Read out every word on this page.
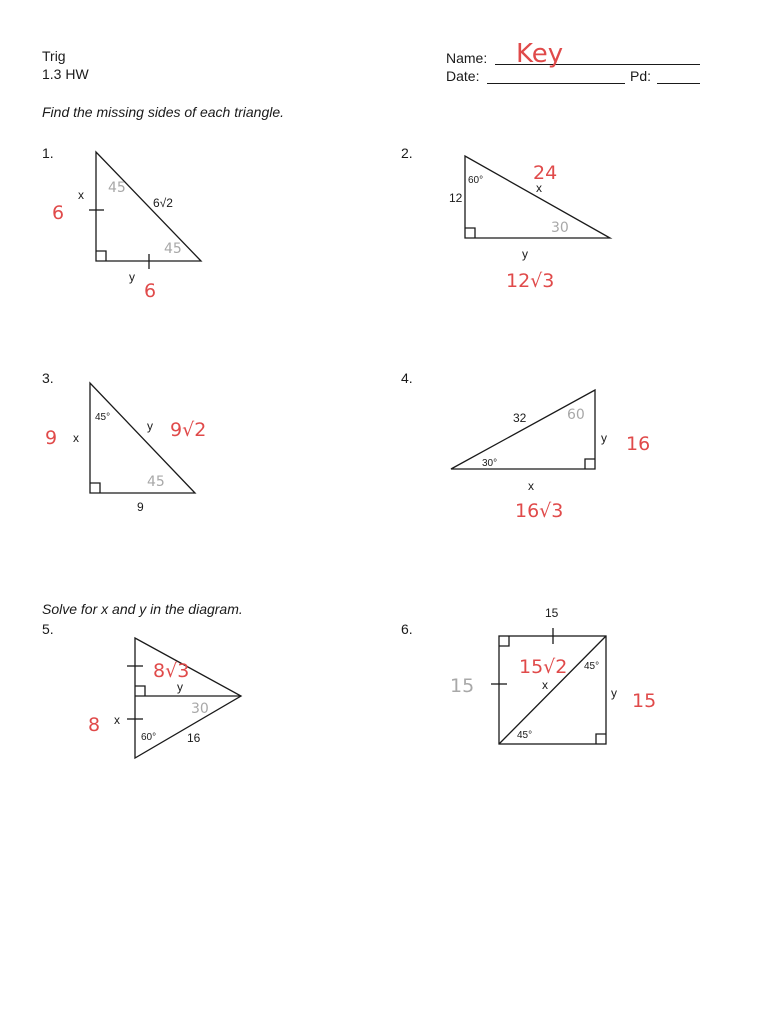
Trig
1.3 HW
Name: Key
Date:	Pd:
Find the missing sides of each triangle.
Solve for x and y in the diagram.
1.	2.
3.	4.
5.	6.
x
6√2
y
45
45
6
6
60°
12
x
y
30
24
12√3
45°
x
y
9
45
9	9√2
32
30°
x
y
60
16√3
16
60°	16
x
y
30
8√3
8
15
x
y
45°
45°
15
15√2
15
